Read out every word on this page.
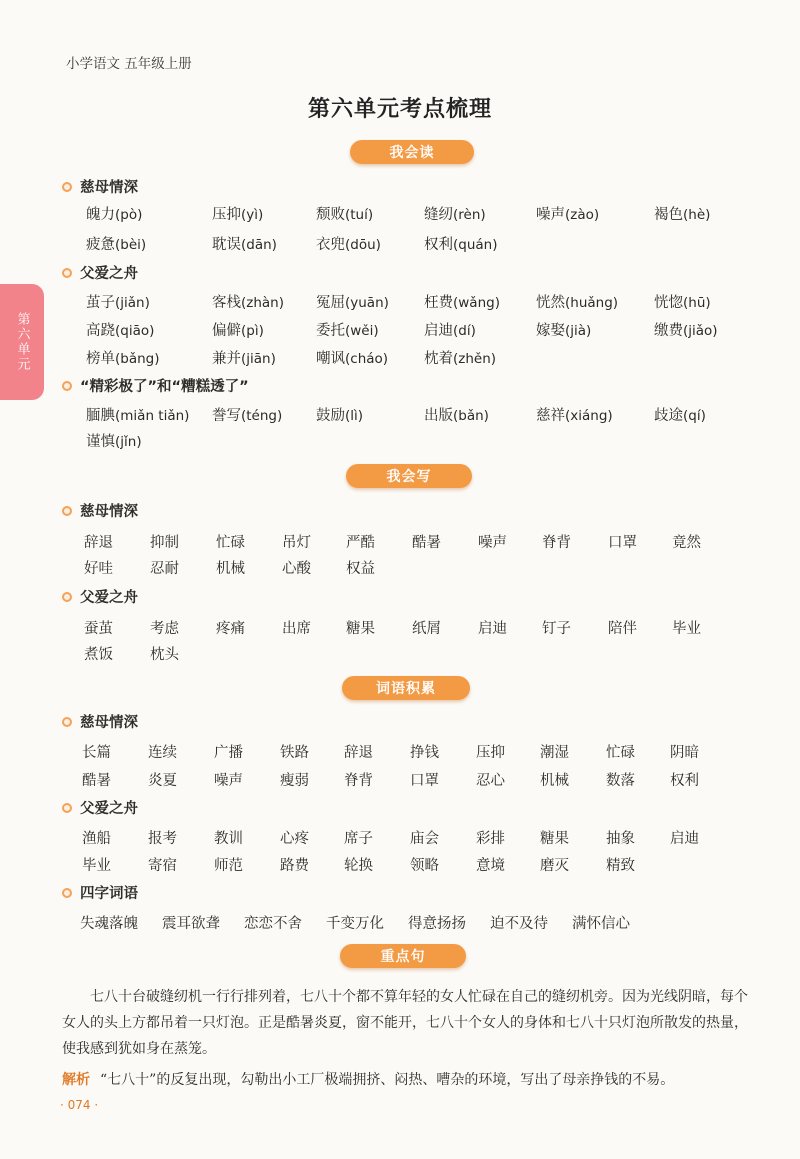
小学语文 五年级上册
第六单元考点梳理
第六单元
我会读
慈母情深
父爱之舟
“精彩极了”和“糟糕透了”
魄力(pò)	压抑(yì)	颓败(tuí)	缝纫(rèn)	噪声(zào)	褐色(hè)
疲惫(bèi)	耽误(dān)	衣兜(dōu)	权利(quán)
茧子(jiǎn)	客栈(zhàn) 冤屈(yuān) 枉费(wǎng) 恍然(huǎng) 恍惚(hū)
高跷(qiāo)	偏僻(pì)	委托(wěi)	启迪(dí)	嫁娶(jià)	缴费(jiǎo)
榜单(bǎng)	兼并(jiān)	嘲讽(cháo) 枕着(zhěn)
腼腆(miǎn tiǎn) 誊写(téng) 鼓励(lì)	出版(bǎn)	慈祥(xiáng)	歧途(qí)
谨慎(jǐn)
我会写
慈母情深
父爱之舟
辞退	抑制	忙碌	吊灯 严酷	酷暑	噪声 脊背	口罩 竟然
好哇	忍耐	机械	心酸 权益
蚕茧	考虑	疼痛	出席 糖果	纸屑	启迪 钉子	陪伴 毕业
煮饭	枕头
词语积累
慈母情深
父爱之舟
四字词语
长篇	连续	广播	铁路 辞退	挣钱	压抑 潮湿	忙碌 阴暗
酷暑	炎夏	噪声	瘦弱 脊背	口罩	忍心 机械	数落 权利
渔船	报考	教训	心疼 席子	庙会	彩排 糖果	抽象 启迪
毕业	寄宿	师范	路费 轮换	领略	意境 磨灭	精致
失魂落魄 震耳欲聋 恋恋不舍 千变万化 得意扬扬 迫不及待 满怀信心
重点句
七八十台破缝纫机一行行排列着，七八十个都不算年轻的女人忙碌在自己的缝纫机旁。因为光线阴暗，每个女人的头上方都吊着一只灯泡。正是酷暑炎夏，窗不能开，七八十个女人的身体和七八十只灯泡所散发的热量，使我感到犹如身在蒸笼。
解析 “七八十”的反复出现，勾勒出小工厂极端拥挤、闷热、嘈杂的环境，写出了母亲挣钱的不易。
· 074 ·
